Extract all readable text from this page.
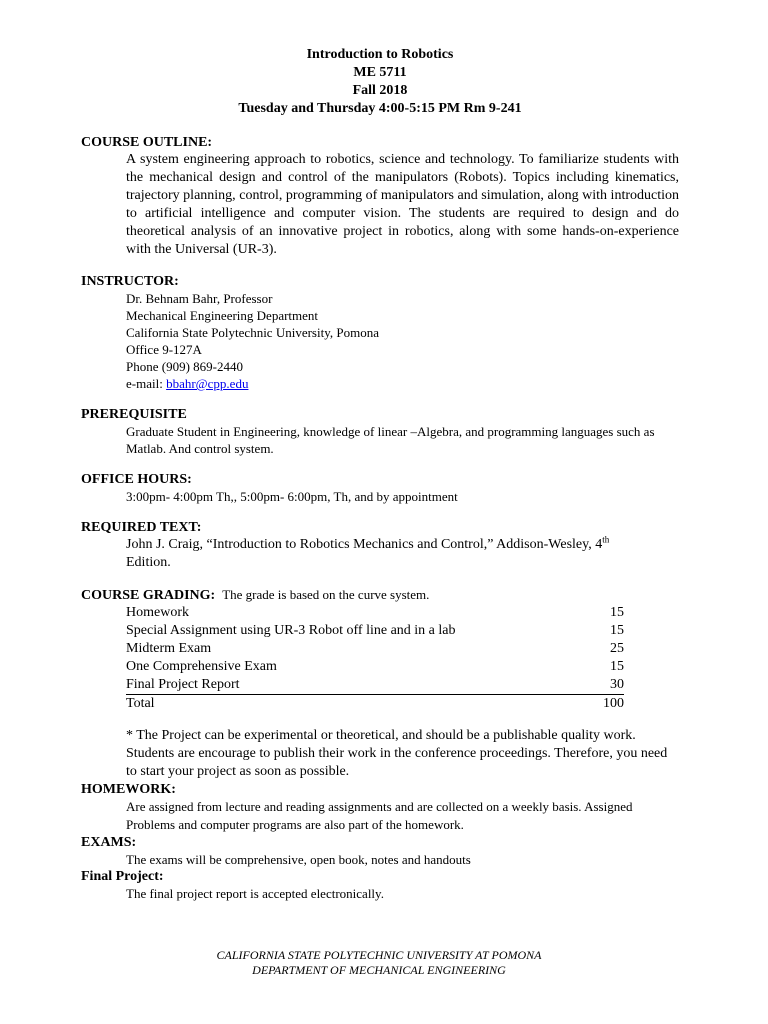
Introduction to Robotics
ME 5711
Fall 2018
Tuesday and Thursday 4:00-5:15 PM Rm 9-241
COURSE OUTLINE:
A system engineering approach to robotics, science and technology. To familiarize students with the mechanical design and control of the manipulators (Robots). Topics including kinematics, trajectory planning, control, programming of manipulators and simulation, along with introduction to artificial intelligence and computer vision. The students are required to design and do theoretical analysis of an innovative project in robotics, along with some hands-on-experience with the Universal (UR-3).
INSTRUCTOR:
Dr. Behnam Bahr, Professor
Mechanical Engineering Department
California State Polytechnic University, Pomona
Office 9-127A
Phone (909) 869-2440
e-mail: bbahr@cpp.edu
PREREQUISITE
Graduate Student in Engineering, knowledge of linear –Algebra, and programming languages such as Matlab. And control system.
OFFICE HOURS:
3:00pm- 4:00pm Th,, 5:00pm- 6:00pm, Th, and by appointment
REQUIRED TEXT:
John J. Craig, “Introduction to Robotics Mechanics and Control,” Addison-Wesley, 4th
Edition.
COURSE GRADING: The grade is based on the curve system.
Homework	15
Special Assignment using UR-3 Robot off line and in a lab	15
Midterm Exam	25
One Comprehensive Exam	15
Final Project Report	30
Total	100
* The Project can be experimental or theoretical, and should be a publishable quality work. Students are encourage to publish their work in the conference proceedings. Therefore, you need to start your project as soon as possible.
HOMEWORK:
Are assigned from lecture and reading assignments and are collected on a weekly basis. Assigned Problems and computer programs are also part of the homework.
EXAMS:
The exams will be comprehensive, open book, notes and handouts
Final Project:
The final project report is accepted electronically.
CALIFORNIA STATE POLYTECHNIC UNIVERSITY AT POMONA
DEPARTMENT OF MECHANICAL ENGINEERING
